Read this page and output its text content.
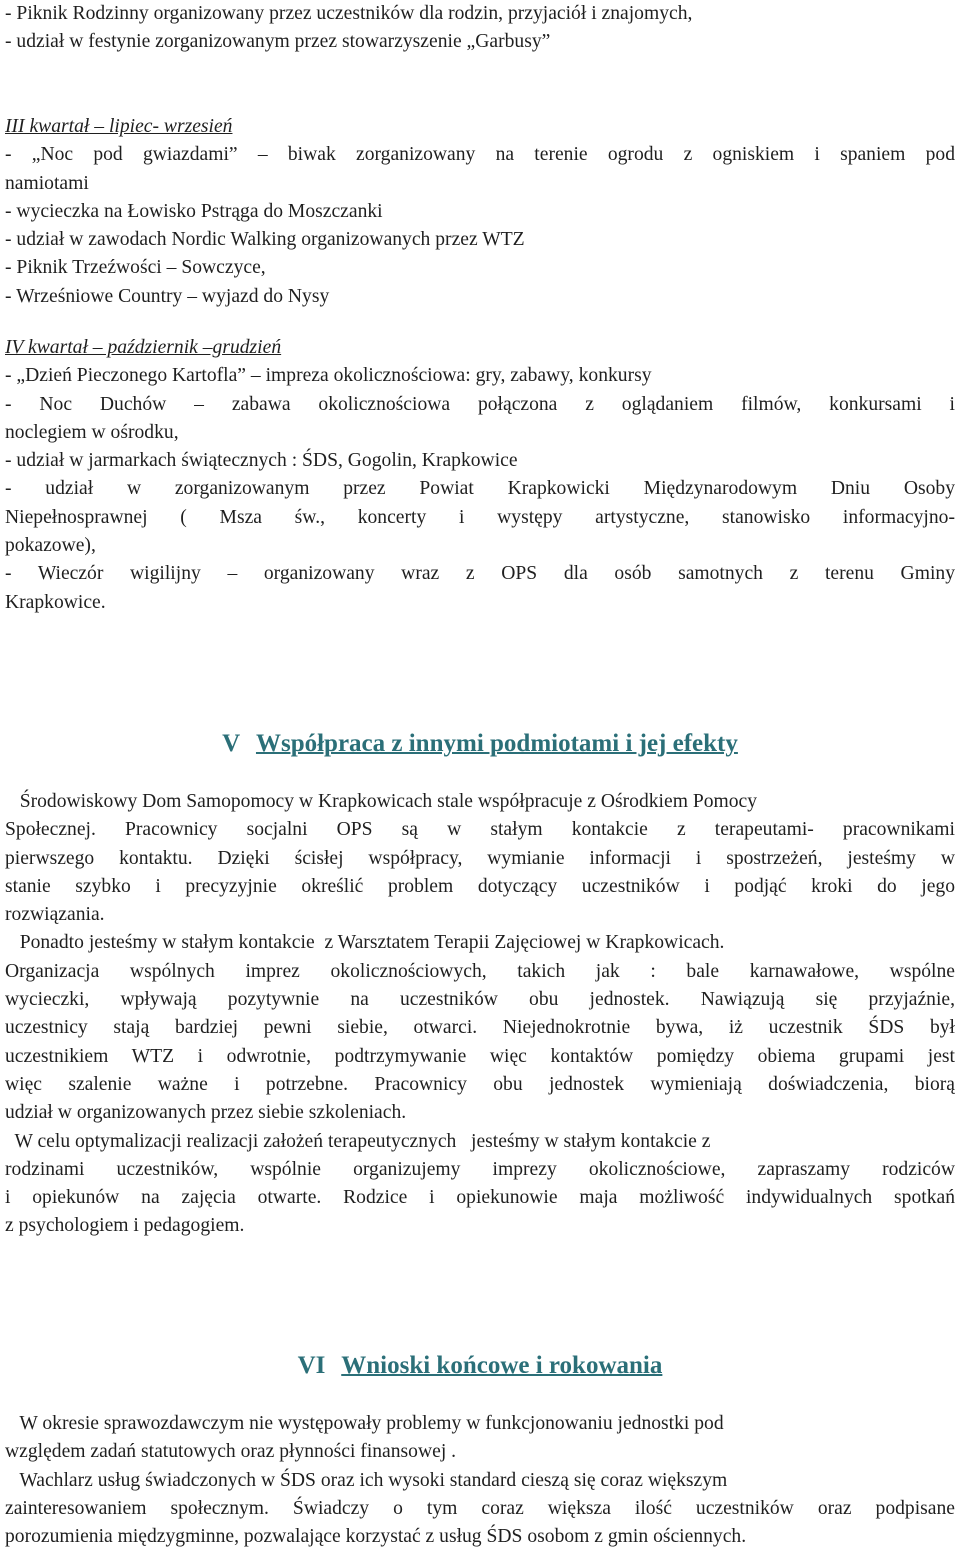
- Piknik Rodzinny organizowany przez uczestników dla rodzin, przyjaciół i znajomych,
- udział w festynie zorganizowanym przez stowarzyszenie „Garbusy”
III kwartał – lipiec- wrzesień
- „Noc pod gwiazdami” – biwak zorganizowany na terenie ogrodu z ogniskiem i spaniem pod
namiotami
- wycieczka na Łowisko Pstrąga do Moszczanki
- udział w zawodach Nordic Walking organizowanych przez WTZ
- Piknik Trzeźwości – Sowczyce,
- Wrześniowe Country – wyjazd do Nysy
IV kwartał – październik –grudzień
- „Dzień Pieczonego Kartofla” – impreza okolicznościowa: gry, zabawy, konkursy
- Noc Duchów – zabawa okolicznościowa połączona z oglądaniem filmów, konkursami i
noclegiem w ośrodku,
- udział w jarmarkach świątecznych : ŚDS, Gogolin, Krapkowice
- udział w zorganizowanym przez Powiat Krapkowicki Międzynarodowym Dniu Osoby
Niepełnosprawnej ( Msza św., koncerty i występy artystyczne, stanowisko informacyjno-
pokazowe),
- Wieczór wigilijny – organizowany wraz z OPS dla osób samotnych z terenu Gminy
Krapkowice.
V Współpraca z innymi podmiotami i jej efekty
Środowiskowy Dom Samopomocy w Krapkowicach stale współpracuje z Ośrodkiem Pomocy
Społecznej. Pracownicy socjalni OPS są w stałym kontakcie z terapeutami- pracownikami
pierwszego kontaktu. Dzięki ścisłej współpracy, wymianie informacji i spostrzeżeń, jesteśmy w
stanie szybko i precyzyjnie określić problem dotyczący uczestników i podjąć kroki do jego
rozwiązania.
Ponadto jesteśmy w stałym kontakcie  z Warsztatem Terapii Zajęciowej w Krapkowicach.
Organizacja wspólnych imprez okolicznościowych, takich jak : bale karnawałowe, wspólne
wycieczki, wpływają pozytywnie na uczestników obu jednostek. Nawiązują się przyjaźnie,
uczestnicy stają bardziej pewni siebie, otwarci. Niejednokrotnie bywa, iż uczestnik ŚDS był
uczestnikiem WTZ i odwrotnie, podtrzymywanie więc kontaktów pomiędzy obiema grupami jest
więc szalenie ważne i potrzebne. Pracownicy obu jednostek wymieniają doświadczenia, biorą
udział w organizowanych przez siebie szkoleniach.
W celu optymalizacji realizacji założeń terapeutycznych   jesteśmy w stałym kontakcie z
rodzinami uczestników, wspólnie organizujemy imprezy okolicznościowe, zapraszamy rodziców
i opiekunów na zajęcia otwarte. Rodzice i opiekunowie maja możliwość indywidualnych spotkań
z psychologiem i pedagogiem.
VI Wnioski końcowe i rokowania
W okresie sprawozdawczym nie występowały problemy w funkcjonowaniu jednostki pod
względem zadań statutowych oraz płynności finansowej .
Wachlarz usług świadczonych w ŚDS oraz ich wysoki standard cieszą się coraz większym
zainteresowaniem społecznym. Świadczy o tym coraz większa ilość uczestników oraz podpisane
porozumienia międzygminne, pozwalające korzystać z usług ŚDS osobom z gmin ościennych.
